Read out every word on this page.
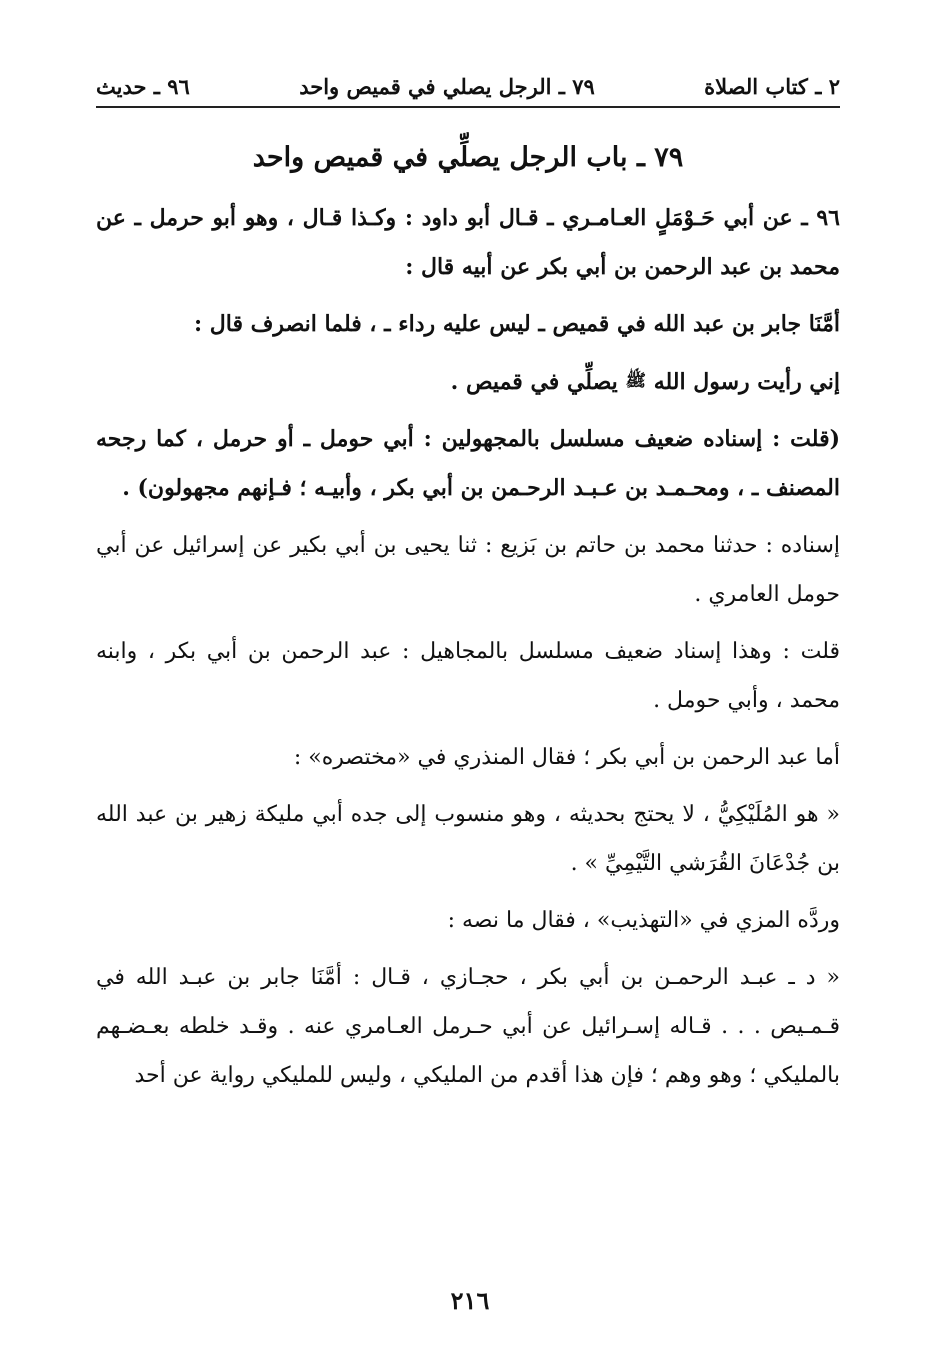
٢ ـ كتاب الصلاة
٧٩ ـ الرجل يصلي في قميص واحد
٩٦ ـ حديث
٧٩ ـ باب الرجل يصلِّي في قميص واحد

٩٦ ـ عن أبي حَـوْمَلٍ العـامـري ـ قـال أبو داود : وكـذا قـال ، وهو أبو حرمل ـ عن محمد بن عبد الرحمن بن أبي بكر عن أبيه قال :

أمَّنَا جابر بن عبد الله في قميص ـ ليس عليه رداء ـ ، فلما انصرف قال :

إني رأيت رسول الله ﷺ يصلِّي في قميص .

(قلت : إسناده ضعيف مسلسل بالمجهولين : أبي حومل ـ أو حرمل ، كما رجحه المصنف ـ ، ومحـمـد بن عـبـد الرحـمن بن أبي بكر ، وأبيـه ؛ فـإنهم مجهولون) .

إسناده : حدثنا محمد بن حاتم بن بَزيع : ثنا يحيى بن أبي بكير عن إسرائيل عن أبي حومل العامري .

قلت : وهذا إسناد ضعيف مسلسل بالمجاهيل : عبد الرحمن بن أبي بكر ، وابنه محمد ، وأبي حومل .

أما عبد الرحمن بن أبي بكر ؛ فقال المنذري في «مختصره» :

« هو المُلَيْكِيُّ ، لا يحتج بحديثه ، وهو منسوب إلى جده أبي مليكة زهير بن عبد الله بن جُدْعَانَ القُرَشي التَّيْمِيِّ » .

وردَّه المزي في «التهذيب» ، فقال ما نصه :

« د ـ عبـد الرحمـن بن أبي بكر ، حجـازي ، قـال : أمَّنَا جابر بن عبـد الله في قـمـيص . . . قـاله إسـرائيل عن أبي حـرمل العـامري عنه . وقـد خلطه بعـضـهم بالمليكي ؛ وهو وهم ؛ فإن هذا أقدم من المليكي ، وليس للمليكي رواية عن أحد

٢١٦
